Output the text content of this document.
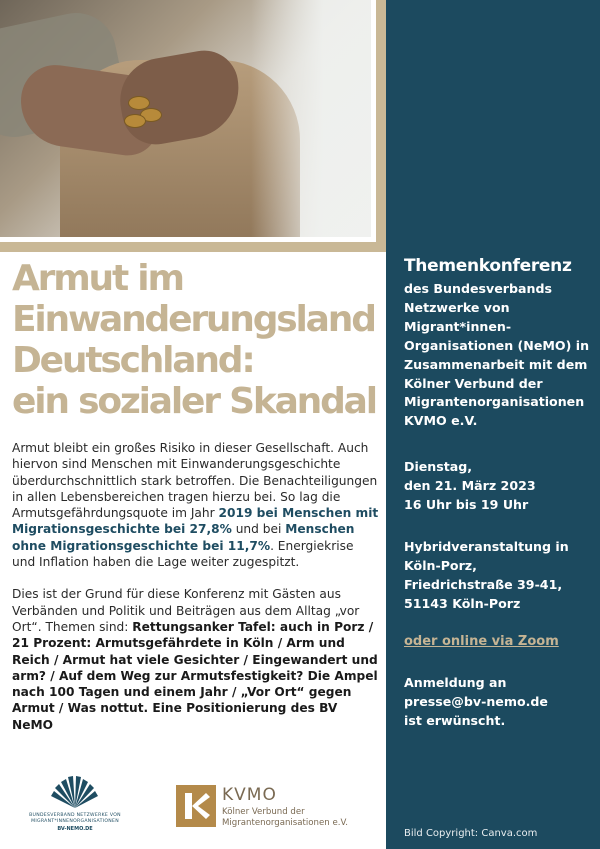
Armut im
Einwanderungsland
Deutschland:
ein sozialer Skandal

Armut bleibt ein großes Risiko in dieser Gesellschaft. Auch hiervon sind Menschen mit Einwanderungsgeschichte überdurchschnittlich stark betroffen. Die Benachteiligungen in allen Lebensbereichen tragen hierzu bei. So lag die Armutsgefährdungsquote im Jahr 2019 bei Menschen mit Migrationsgeschichte bei 27,8% und bei Menschen ohne Migrationsgeschichte bei 11,7%. Energiekrise und Inflation haben die Lage weiter zugespitzt.

Dies ist der Grund für diese Konferenz mit Gästen aus Verbänden und Politik und Beiträgen aus dem Alltag „vor Ort“. Themen sind: Rettungsanker Tafel: auch in Porz / 21 Prozent: Armutsgefährdete in Köln / Arm und Reich / Armut hat viele Gesichter / Eingewandert und arm? / Auf dem Weg zur Armutsfestigkeit? Die Ampel nach 100 Tagen und einem Jahr / „Vor Ort“ gegen Armut / Was nottut. Eine Positionierung des BV NeMO

BUNDESVERBAND NETZWERKE VON
MIGRANT*INNENORGANISATIONEN
BV-NEMO.DE
KVMO
Kölner Verbund der
Migrantenorganisationen e.V.
Themenkonferenz
des Bundesverbands Netzwerke von Migrant*innen-Organisationen (NeMO) in Zusammenarbeit mit dem Kölner Verbund der Migrantenorganisationen KVMO e.V.
Dienstag,
den 21. März 2023
16 Uhr bis 19 Uhr
Hybridveranstaltung in Köln-Porz,
Friedrichstraße 39-41,
51143 Köln-Porz
oder online via Zoom
Anmeldung an
presse@bv-nemo.de
ist erwünscht.
Bild Copyright: Canva.com
